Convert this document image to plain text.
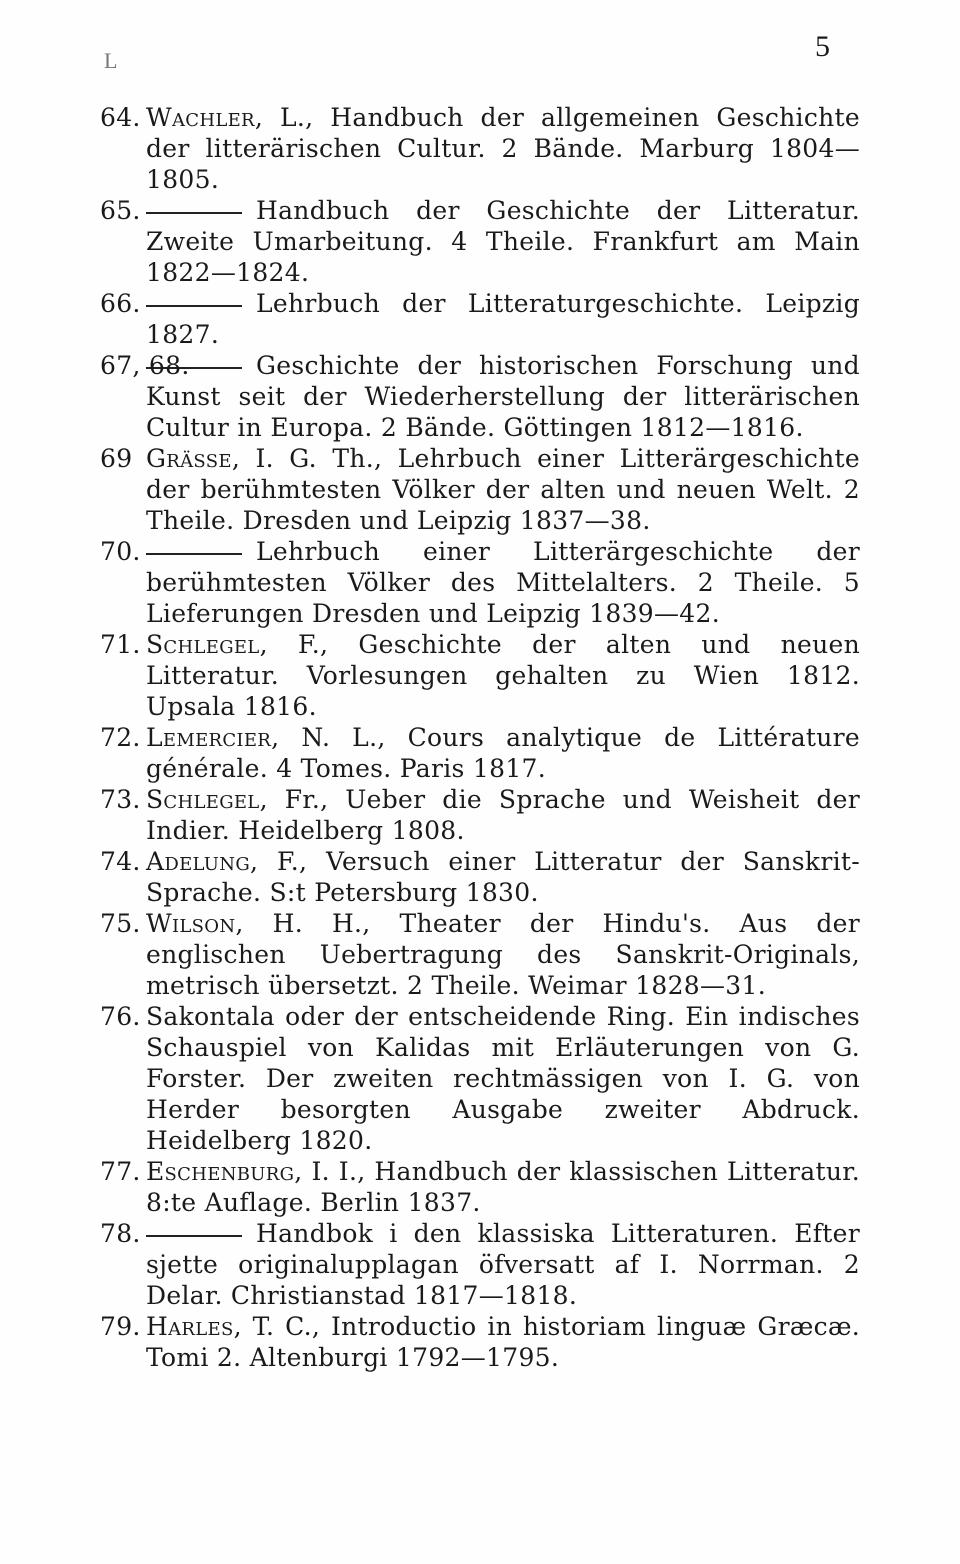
L	5
64. Wachler, L., Handbuch der allgemeinen Geschichte der litterärischen Cultur. 2 Bände. Marburg 1804—1805.
65.	Handbuch der Geschichte der Litteratur. Zweite Umarbeitung. 4 Theile. Frankfurt am Main 1822—1824.
66.	Lehrbuch der Litteraturgeschichte. Leipzig 1827.
67, 68.	Geschichte der historischen Forschung und Kunst seit der Wiederherstellung der litterärischen Cultur in Europa. 2 Bände. Göttingen 1812—1816.
69 Grässe, I. G. Th., Lehrbuch einer Litterärgeschichte der berühmtesten Völker der alten und neuen Welt. 2 Theile. Dresden und Leipzig 1837—38.
70.	Lehrbuch einer Litterärgeschichte der berühmtesten Völker des Mittelalters. 2 Theile. 5 Lieferungen Dresden und Leipzig 1839—42.
71. Schlegel, F., Geschichte der alten und neuen Litteratur. Vorlesungen gehalten zu Wien 1812. Upsala 1816.
72. Lemercier, N. L., Cours analytique de Littérature générale. 4 Tomes. Paris 1817.
73. Schlegel, Fr., Ueber die Sprache und Weisheit der Indier. Heidelberg 1808.
74. Adelung, F., Versuch einer Litteratur der Sanskrit-Sprache. S:t Petersburg 1830.
75. Wilson, H. H., Theater der Hindu's. Aus der englischen Uebertragung des Sanskrit-Originals, metrisch übersetzt. 2 Theile. Weimar 1828—31.
76. Sakontala oder der entscheidende Ring. Ein indisches Schauspiel von Kalidas mit Erläuterungen von G. Forster. Der zweiten rechtmässigen von I. G. von Herder besorgten Ausgabe zweiter Abdruck. Heidelberg 1820.
77. Eschenburg, I. I., Handbuch der klassischen Litteratur. 8:te Auflage. Berlin 1837.
78.	Handbok i den klassiska Litteraturen. Efter sjette originalupplagan öfversatt af I. Norrman. 2 Delar. Christianstad 1817—1818.
79. Harles, T. C., Introductio in historiam linguæ Græcæ. Tomi 2. Altenburgi 1792—1795.
